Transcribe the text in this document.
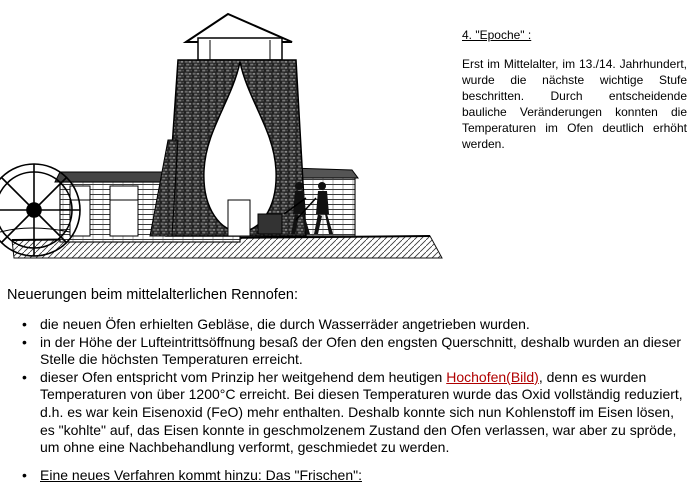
4. "Epoche" :

Erst im Mittelalter, im 13./14. Jahrhundert, wurde die nächste wichtige Stufe beschritten. Durch entscheidende bauliche Veränderungen konnten die Temperaturen im Ofen deutlich erhöht werden.

Neuerungen beim mittelalterlichen Rennofen:

• die neuen Öfen erhielten Gebläse, die durch Wasserräder angetrieben wurden.
• in der Höhe der Lufteintrittsöffnung besaß der Ofen den engsten Querschnitt, deshalb wurden an dieser Stelle die höchsten Temperaturen erreicht.
• dieser Ofen entspricht vom Prinzip her weitgehend dem heutigen Hochofen(Bild), denn es wurden Temperaturen von über 1200°C erreicht. Bei diesen Temperaturen wurde das Oxid vollständig reduziert, d.h. es war kein Eisenoxid (FeO) mehr enthalten. Deshalb konnte sich nun Kohlenstoff im Eisen lösen, es "kohlte" auf, das Eisen konnte in geschmolzenem Zustand den Ofen verlassen, war aber zu spröde, um ohne eine Nachbehandlung verformt, geschmiedet zu werden.
• Eine neues Verfahren kommt hinzu: Das "Frischen":
